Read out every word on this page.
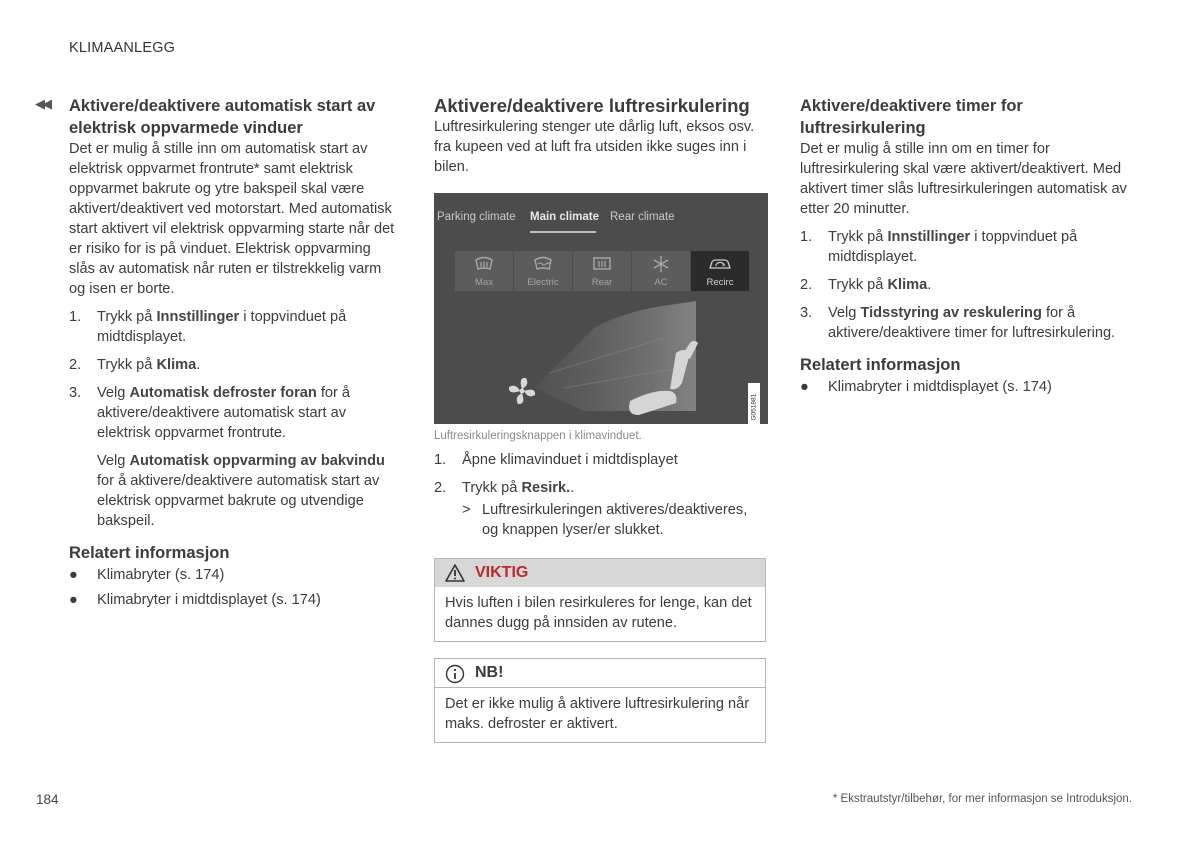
KLIMAANLEGG
◀◀ Aktivere/deaktivere automatisk start av elektrisk oppvarmede vinduer

Det er mulig å stille inn om automatisk start av elektrisk oppvarmet frontrute* samt elektrisk oppvarmet bakrute og ytre bakspeil skal være aktivert/deaktivert ved motorstart. Med automatisk start aktivert vil elektrisk oppvarming starte når det er risiko for is på vinduet. Elektrisk oppvarming slås av automatisk når ruten er tilstrekkelig varm og isen er borte.

1. Trykk på Innstillinger i toppvinduet på midtdisplayet.
2. Trykk på Klima.
3. Velg Automatisk defroster foran for å aktivere/deaktivere automatisk start av elektrisk oppvarmet frontrute.

Velg Automatisk oppvarming av bakvindu for å aktivere/deaktivere automatisk start av elektrisk oppvarmet bakrute og utvendige bakspeil.

Relatert informasjon
● Klimabryter (s. 174)
● Klimabryter i midtdisplayet (s. 174)
Aktivere/deaktivere luftresirkulering

Luftresirkulering stenger ute dårlig luft, eksos osv. fra kupeen ved at luft fra utsiden ikke suges inn i bilen.

Parking climate Main climate Rear climate
Max	Electric	Rear	AC	Recirc
G051881
Luftresirkuleringsknappen i klimavinduet.
1. Åpne klimavinduet i midtdisplayet
2. Trykk på Resirk..

> Luftresirkuleringen aktiveres/deaktiveres, og knappen lyser/er slukket.

VIKTIG
Hvis luften i bilen resirkuleres for lenge, kan det dannes dugg på innsiden av rutene.
NB!
Det er ikke mulig å aktivere luftresirkulering når maks. defroster er aktivert.
Aktivere/deaktivere timer for luftresirkulering

Det er mulig å stille inn om en timer for luftresirkulering skal være aktivert/deaktivert. Med aktivert timer slås luftresirkuleringen automatisk av etter 20 minutter.

1. Trykk på Innstillinger i toppvinduet på midtdisplayet.
2. Trykk på Klima.
3. Velg Tidsstyring av reskulering for å aktivere/deaktivere timer for luftresirkulering.
Relatert informasjon
● Klimabryter i midtdisplayet (s. 174)
184	* Ekstrautstyr/tilbehør, for mer informasjon se Introduksjon.
